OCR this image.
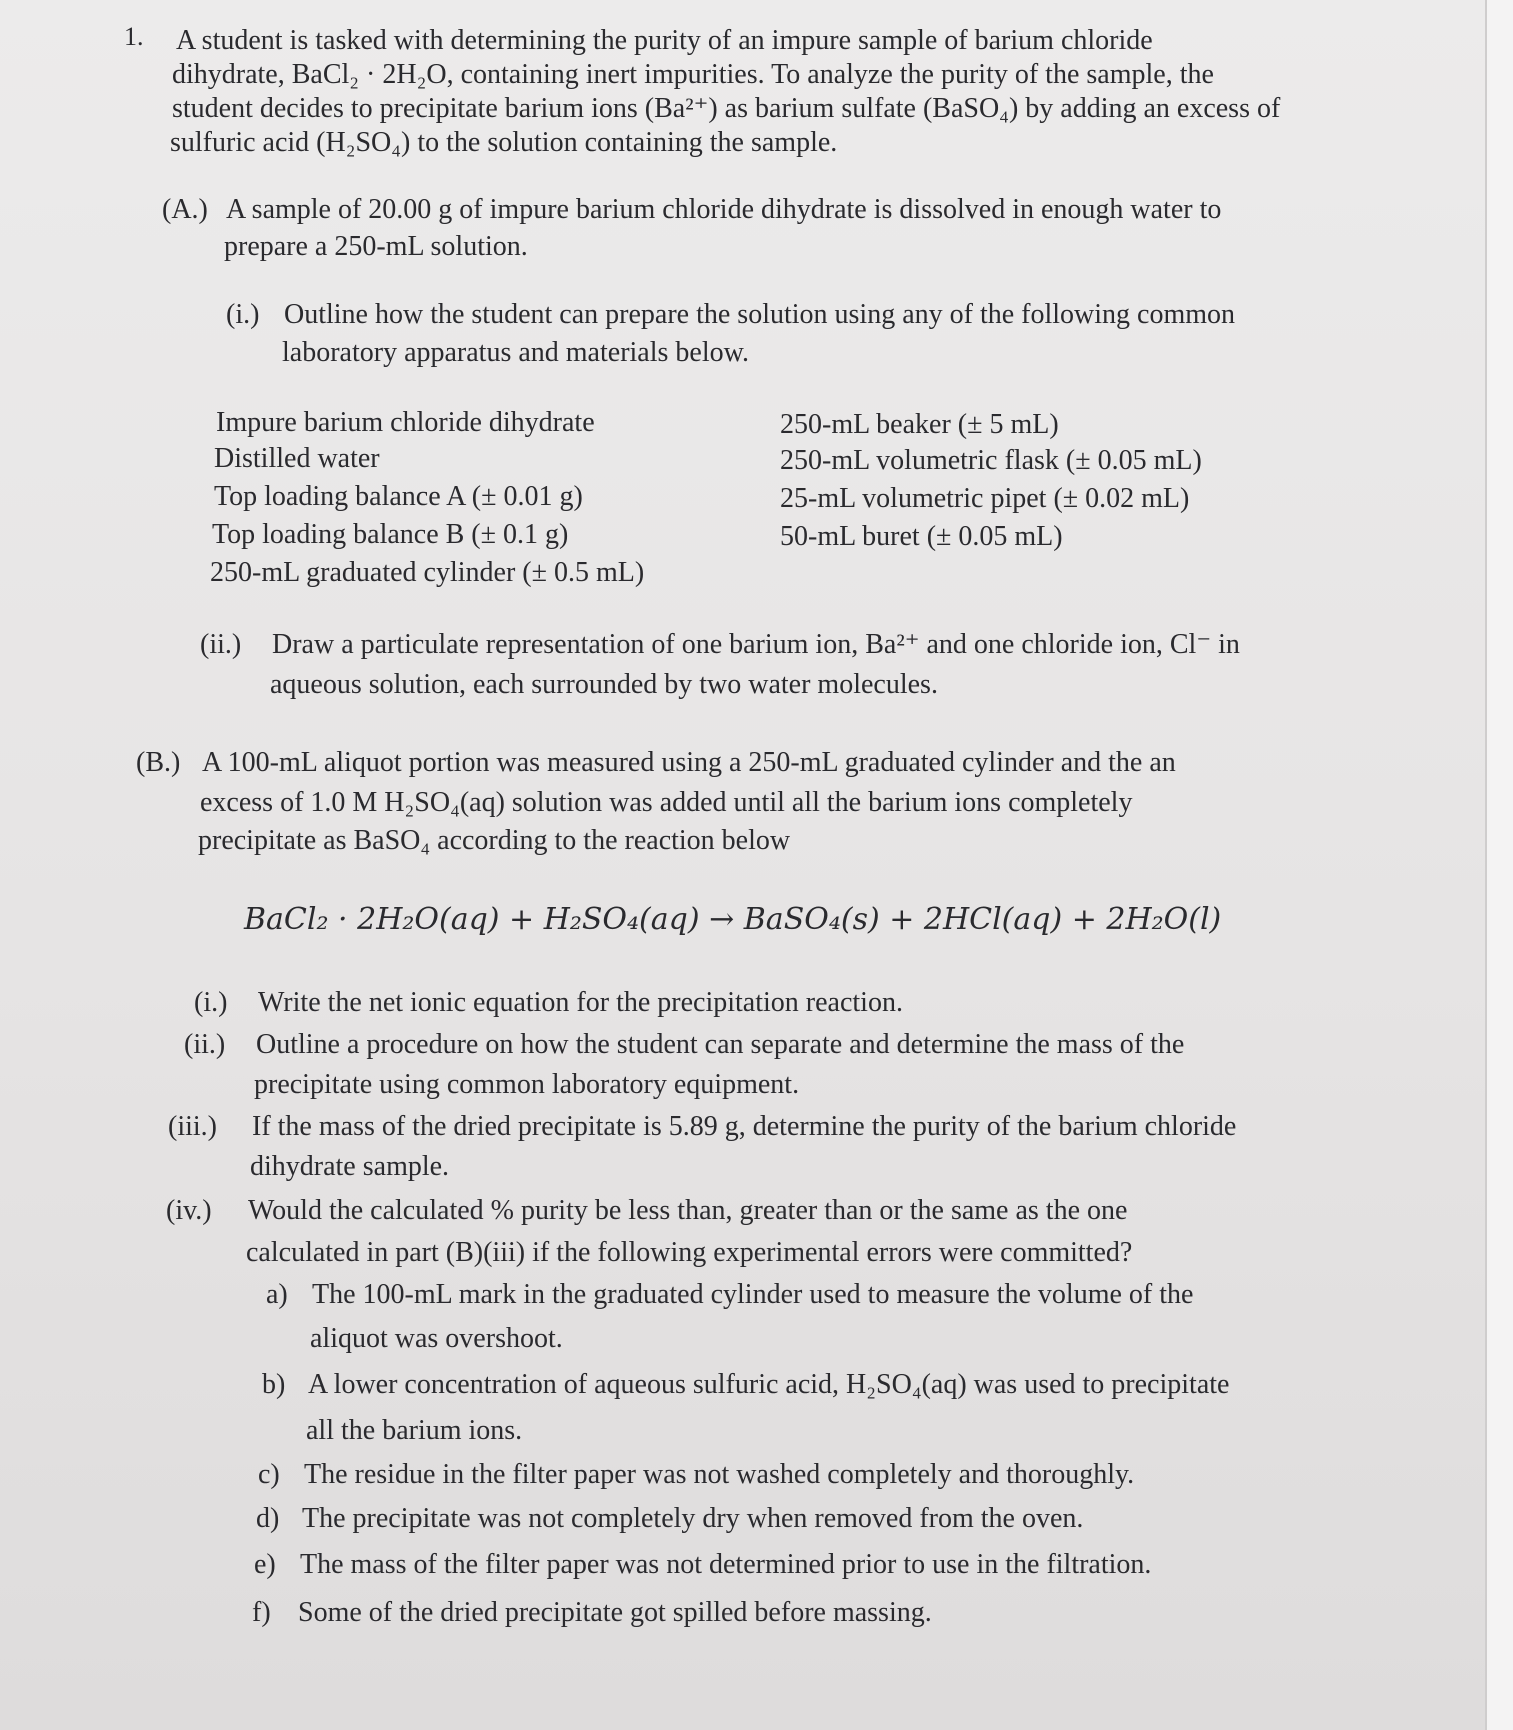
1. A student is tasked with determining the purity of an impure sample of barium chloride
dihydrate, BaCl₂ · 2H₂O, containing inert impurities. To analyze the purity of the sample, the
student decides to precipitate barium ions (Ba²⁺) as barium sulfate (BaSO₄) by adding an excess of
sulfuric acid (H₂SO₄) to the solution containing the sample.
(A.) A sample of 20.00 g of impure barium chloride dihydrate is dissolved in enough water to
prepare a 250-mL solution.
(i.) Outline how the student can prepare the solution using any of the following common
laboratory apparatus and materials below.
Impure barium chloride dihydrate
Distilled water
Top loading balance A (± 0.01 g)
Top loading balance B (± 0.1 g)
250-mL graduated cylinder (± 0.5 mL)
250-mL beaker (± 5 mL)
250-mL volumetric flask (± 0.05 mL)
25-mL volumetric pipet (± 0.02 mL)
50-mL buret (± 0.05 mL)
(ii.) Draw a particulate representation of one barium ion, Ba²⁺ and one chloride ion, Cl⁻ in
aqueous solution, each surrounded by two water molecules.
(B.) A 100-mL aliquot portion was measured using a 250-mL graduated cylinder and the an
excess of 1.0 M H₂SO₄(aq) solution was added until all the barium ions completely
precipitate as BaSO₄ according to the reaction below
BaCl₂ · 2H₂O(aq) + H₂SO₄(aq) → BaSO₄(s) + 2HCl(aq) + 2H₂O(l)
(i.) Write the net ionic equation for the precipitation reaction.
(ii.) Outline a procedure on how the student can separate and determine the mass of the
precipitate using common laboratory equipment.
(iii.) If the mass of the dried precipitate is 5.89 g, determine the purity of the barium chloride
dihydrate sample.
(iv.) Would the calculated % purity be less than, greater than or the same as the one
calculated in part (B)(iii) if the following experimental errors were committed?
a) The 100-mL mark in the graduated cylinder used to measure the volume of the
aliquot was overshoot.
b) A lower concentration of aqueous sulfuric acid, H₂SO₄(aq) was used to precipitate
all the barium ions.
c) The residue in the filter paper was not washed completely and thoroughly.
d) The precipitate was not completely dry when removed from the oven.
e) The mass of the filter paper was not determined prior to use in the filtration.
f) Some of the dried precipitate got spilled before massing.
